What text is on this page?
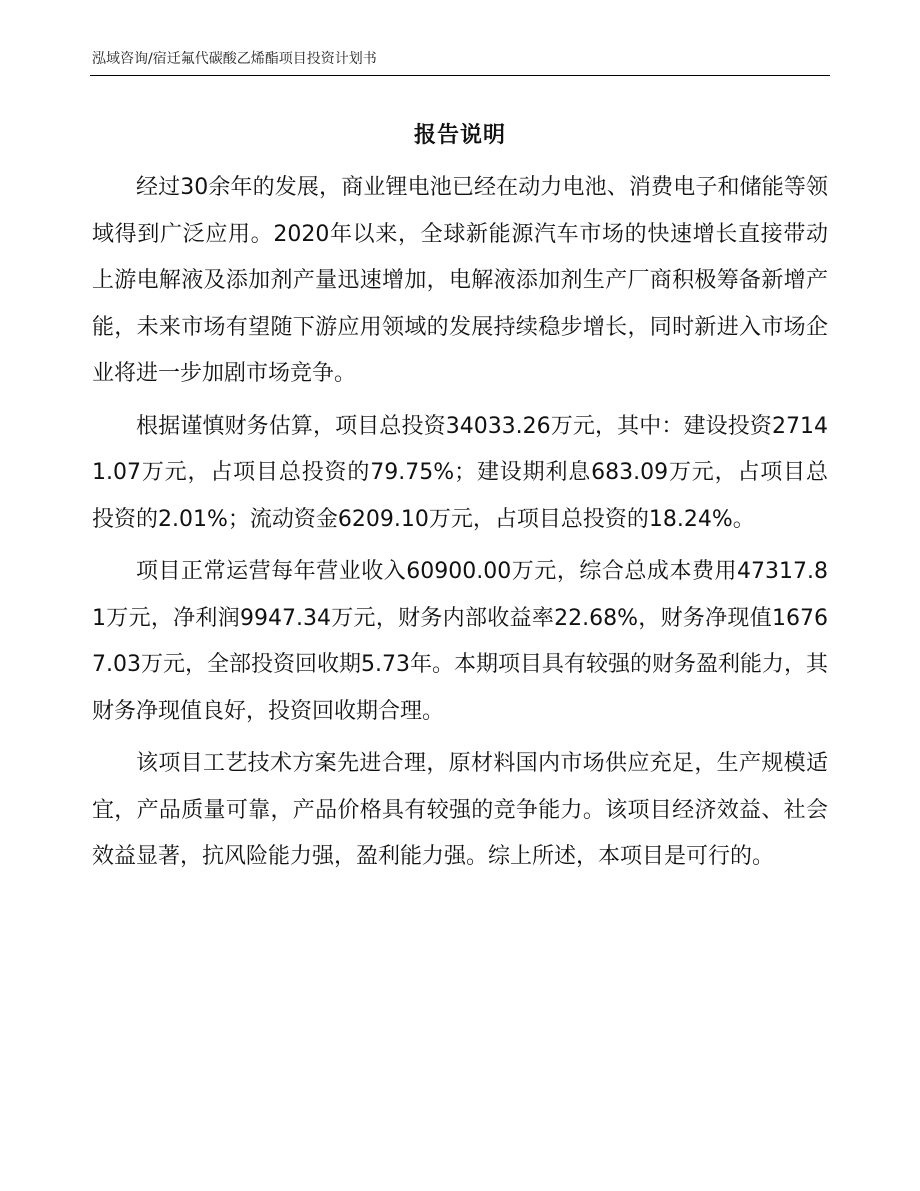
泓域咨询/宿迁氟代碳酸乙烯酯项目投资计划书
报告说明

经过30余年的发展，商业锂电池已经在动力电池、消费电子和储能等领域得到广泛应用。2020年以来，全球新能源汽车市场的快速增长直接带动上游电解液及添加剂产量迅速增加，电解液添加剂生产厂商积极筹备新增产能，未来市场有望随下游应用领域的发展持续稳步增长，同时新进入市场企业将进一步加剧市场竞争。

根据谨慎财务估算，项目总投资34033.26万元，其中：建设投资27141.07万元，占项目总投资的79.75%；建设期利息683.09万元，占项目总投资的2.01%；流动资金6209.10万元，占项目总投资的18.24%。

项目正常运营每年营业收入60900.00万元，综合总成本费用47317.81万元，净利润9947.34万元，财务内部收益率22.68%，财务净现值16767.03万元，全部投资回收期5.73年。本期项目具有较强的财务盈利能力，其财务净现值良好，投资回收期合理。

该项目工艺技术方案先进合理，原材料国内市场供应充足，生产规模适宜，产品质量可靠，产品价格具有较强的竞争能力。该项目经济效益、社会效益显著，抗风险能力强，盈利能力强。综上所述，本项目是可行的。
